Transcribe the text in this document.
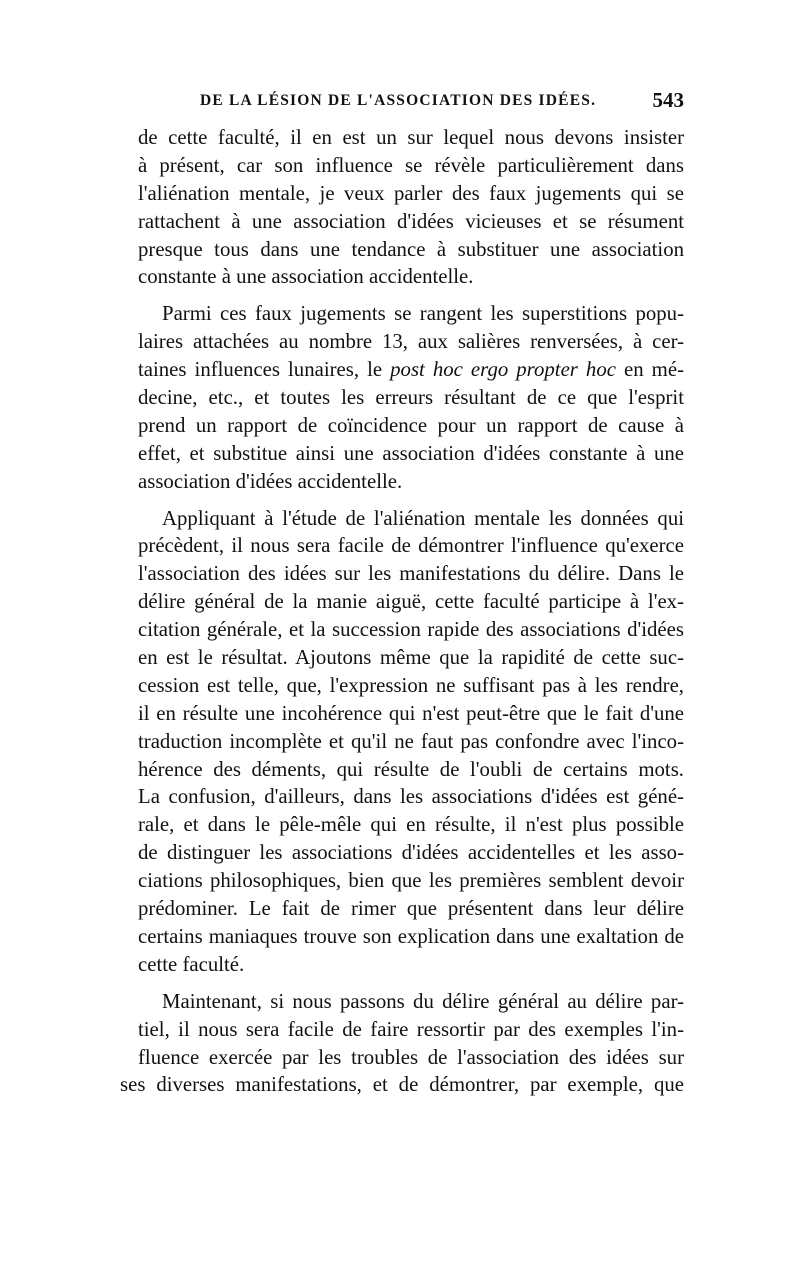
DE LA LÉSION DE L'ASSOCIATION DES IDÉES.	543
de cette faculté, il en est un sur lequel nous devons insister
à présent, car son influence se révèle particulièrement dans
l'aliénation mentale, je veux parler des faux jugements qui se
rattachent à une association d'idées vicieuses et se résument
presque tous dans une tendance à substituer une association
constante à une association accidentelle.
Parmi ces faux jugements se rangent les superstitions popu-
laires attachées au nombre 13, aux salières renversées, à cer-
taines influences lunaires, le post hoc ergo propter hoc en mé-
decine, etc., et toutes les erreurs résultant de ce que l'esprit
prend un rapport de coïncidence pour un rapport de cause à
effet, et substitue ainsi une association d'idées constante à une
association d'idées accidentelle.
Appliquant à l'étude de l'aliénation mentale les données qui
précèdent, il nous sera facile de démontrer l'influence qu'exerce
l'association des idées sur les manifestations du délire. Dans le
délire général de la manie aiguë, cette faculté participe à l'ex-
citation générale, et la succession rapide des associations d'idées
en est le résultat. Ajoutons même que la rapidité de cette suc-
cession est telle, que, l'expression ne suffisant pas à les rendre,
il en résulte une incohérence qui n'est peut-être que le fait d'une
traduction incomplète et qu'il ne faut pas confondre avec l'inco-
hérence des déments, qui résulte de l'oubli de certains mots.
La confusion, d'ailleurs, dans les associations d'idées est géné-
rale, et dans le pêle-mêle qui en résulte, il n'est plus possible
de distinguer les associations d'idées accidentelles et les asso-
ciations philosophiques, bien que les premières semblent devoir
prédominer. Le fait de rimer que présentent dans leur délire
certains maniaques trouve son explication dans une exaltation de
cette faculté.
Maintenant, si nous passons du délire général au délire par-
tiel, il nous sera facile de faire ressortir par des exemples l'in-
fluence exercée par les troubles de l'association des idées sur
ses diverses manifestations, et de démontrer, par exemple, que
